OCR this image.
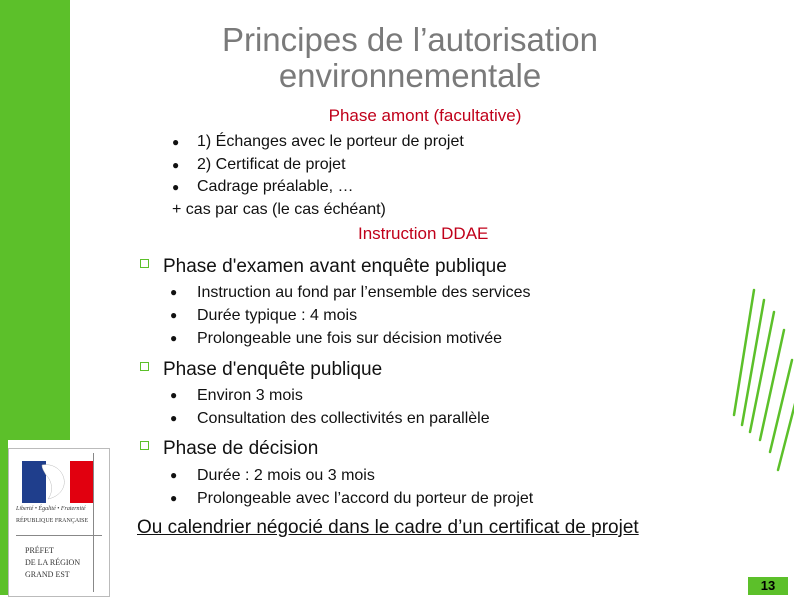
Principes de l’autorisation environnementale
Phase amont (facultative)
● 1) Échanges avec le porteur de projet
● 2) Certificat de projet
● Cadrage préalable, …
+ cas par cas (le cas échéant)
Instruction DDAE
Phase d'examen avant enquête publique
● Instruction au fond par l’ensemble des services
● Durée typique : 4 mois
● Prolongeable une fois sur décision motivée
Phase d'enquête publique
● Environ 3 mois
● Consultation des collectivités en parallèle
Phase de décision
● Durée : 2 mois ou 3 mois
● Prolongeable avec l’accord du porteur de projet
Ou calendrier négocié dans le cadre d’un certificat de projet
Liberté • Égalité • Fraternité
RÉPUBLIQUE FRANÇAISE
PRÉFET
DE LA RÉGION
GRAND EST
13
